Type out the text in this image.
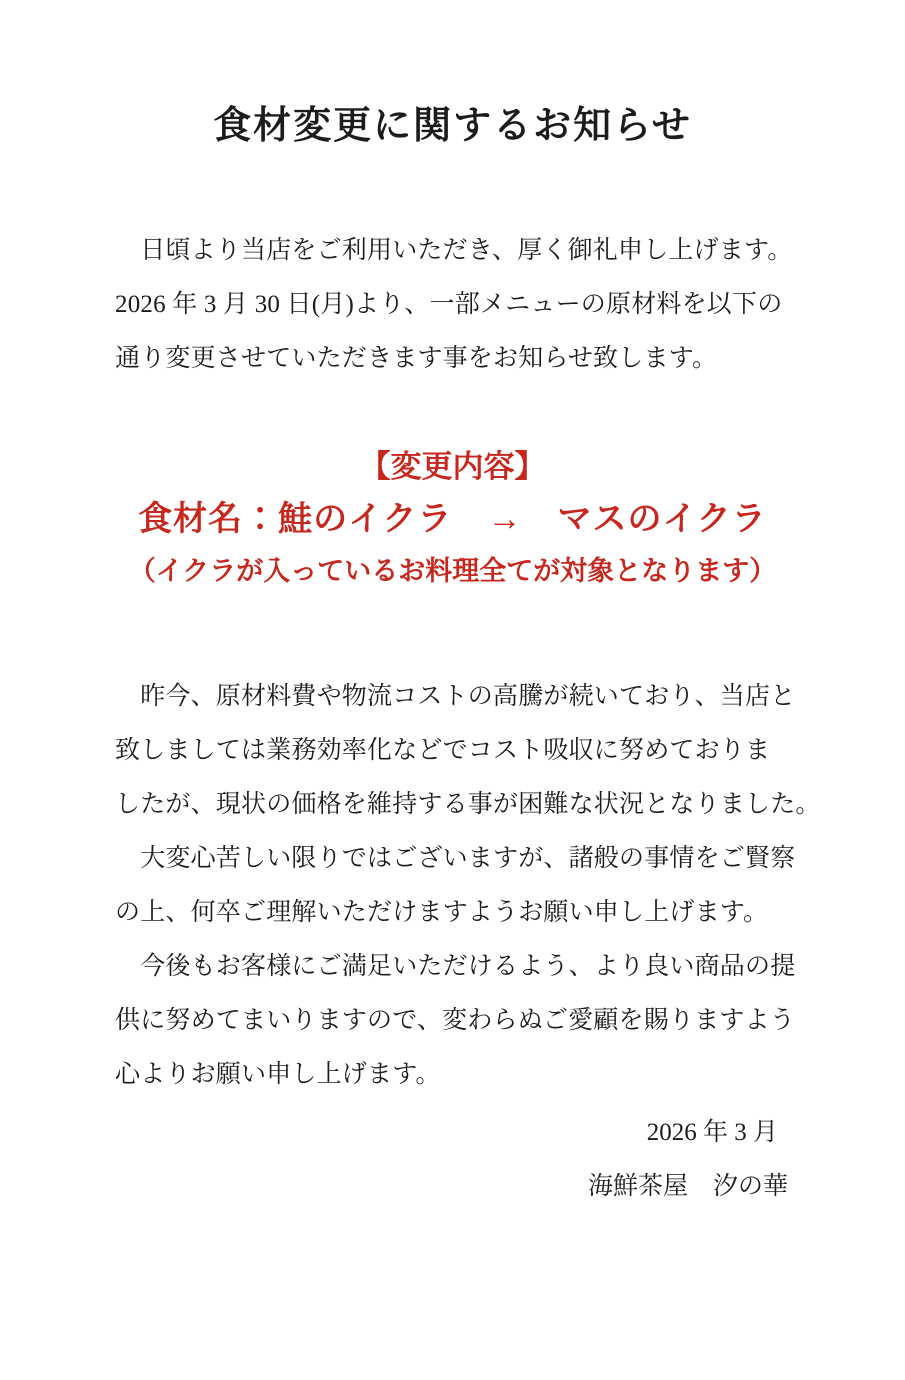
食材変更に関するお知らせ
　日頃より当店をご利用いただき、厚く御礼申し上げます。
2026 年 3 月 30 日(月)より、一部メニューの原材料を以下の
通り変更させていただきます事をお知らせ致します。
【変更内容】
食材名：鮭のイクラ　→　マスのイクラ
（イクラが入っているお料理全てが対象となります）
　昨今、原材料費や物流コストの高騰が続いており、当店と
致しましては業務効率化などでコスト吸収に努めておりま
したが、現状の価格を維持する事が困難な状況となりました。
　大変心苦しい限りではございますが、諸般の事情をご賢察
の上、何卒ご理解いただけますようお願い申し上げます。
　今後もお客様にご満足いただけるよう、より良い商品の提
供に努めてまいりますので、変わらぬご愛顧を賜りますよう
心よりお願い申し上げます。
2026 年 3 月
海鮮茶屋　汐の華
